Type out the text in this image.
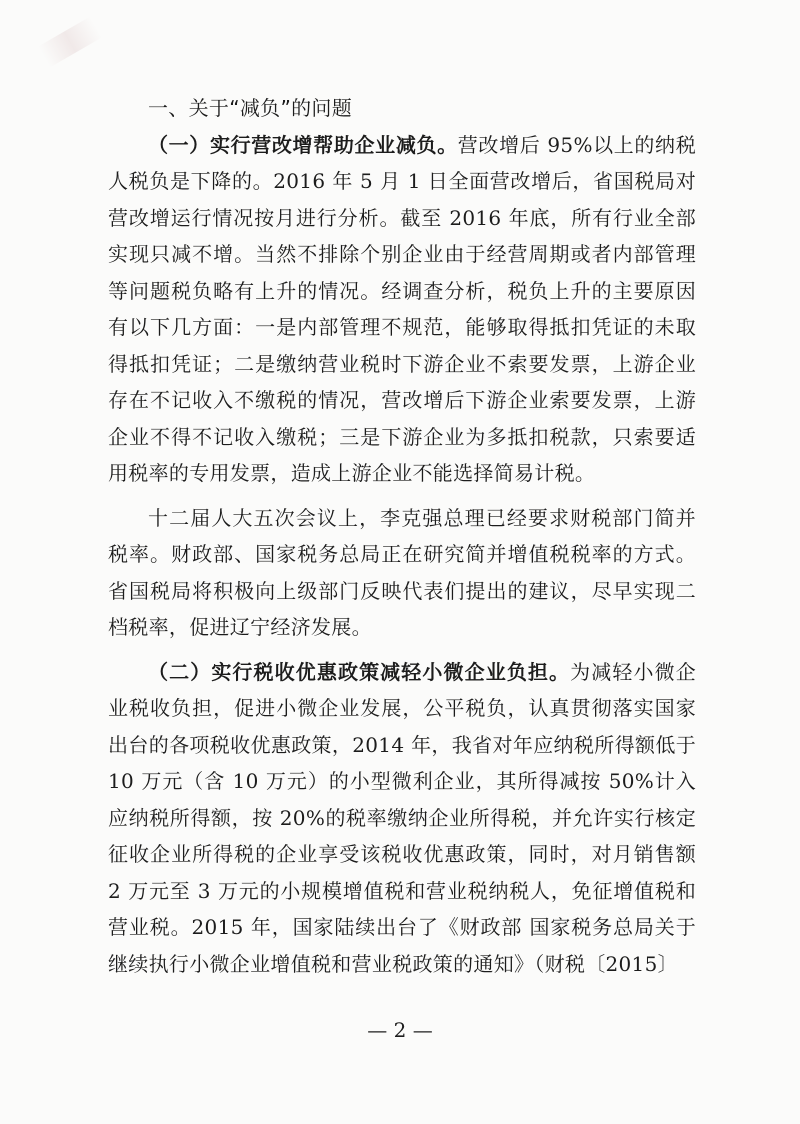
一、关于“减负”的问题

（一）实行营改增帮助企业减负。营改增后 95%以上的纳税人税负是下降的。2016 年 5 月 1 日全面营改增后，省国税局对营改增运行情况按月进行分析。截至 2016 年底，所有行业全部实现只减不增。当然不排除个别企业由于经营周期或者内部管理等问题税负略有上升的情况。经调查分析，税负上升的主要原因有以下几方面：一是内部管理不规范，能够取得抵扣凭证的未取得抵扣凭证；二是缴纳营业税时下游企业不索要发票，上游企业存在不记收入不缴税的情况，营改增后下游企业索要发票，上游企业不得不记收入缴税；三是下游企业为多抵扣税款，只索要适用税率的专用发票，造成上游企业不能选择简易计税。

十二届人大五次会议上，李克强总理已经要求财税部门简并税率。财政部、国家税务总局正在研究简并增值税税率的方式。省国税局将积极向上级部门反映代表们提出的建议，尽早实现二档税率，促进辽宁经济发展。

（二）实行税收优惠政策减轻小微企业负担。为减轻小微企业税收负担，促进小微企业发展，公平税负，认真贯彻落实国家出台的各项税收优惠政策，2014 年，我省对年应纳税所得额低于 10 万元（含 10 万元）的小型微利企业，其所得减按 50%计入应纳税所得额，按 20%的税率缴纳企业所得税，并允许实行核定征收企业所得税的企业享受该税收优惠政策，同时，对月销售额 2 万元至 3 万元的小规模增值税和营业税纳税人，免征增值税和营业税。2015 年，国家陆续出台了《财政部 国家税务总局关于继续执行小微企业增值税和营业税政策的通知》（财税〔2015〕

— 2 —
